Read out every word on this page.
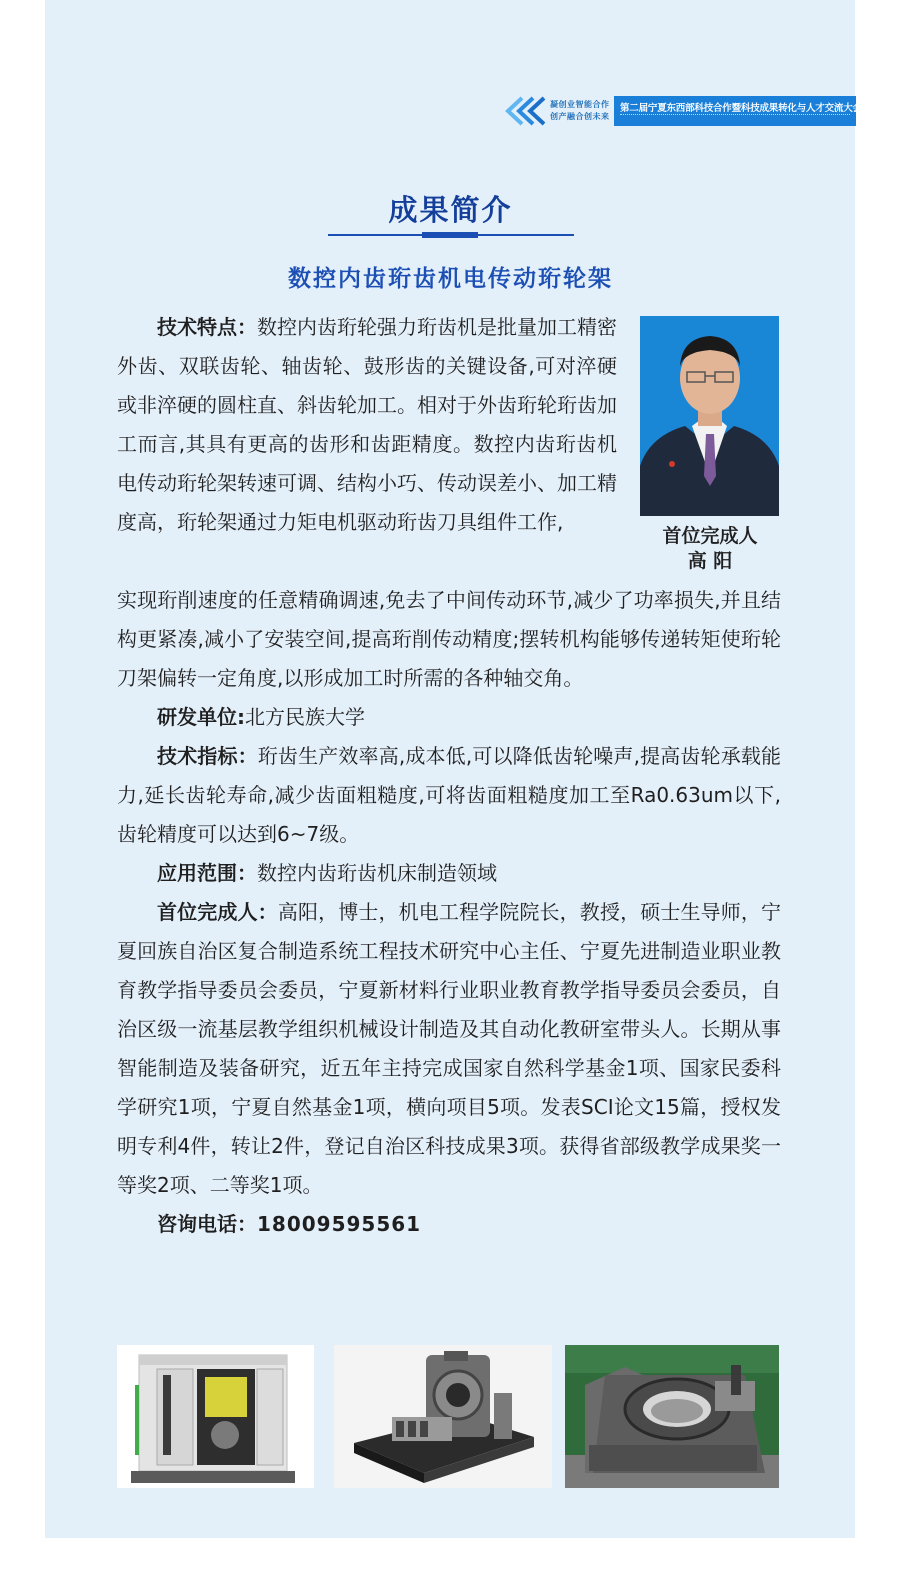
凝创业智能合作
创产融合创未来
第二届宁夏东西部科技合作暨科技成果转化与人才交流大会
成果简介
数控内齿珩齿机电传动珩轮架

技术特点：数控内齿珩轮强力珩齿机是批量加工精密外齿、双联齿轮、轴齿轮、鼓形齿的关键设备,可对淬硬或非淬硬的圆柱直、斜齿轮加工。相对于外齿珩轮珩齿加工而言,其具有更高的齿形和齿距精度。数控内齿珩齿机电传动珩轮架转速可调、结构小巧、传动误差小、加工精度高，珩轮架通过力矩电机驱动珩齿刀具组件工作,

首位完成人
高 阳

实现珩削速度的任意精确调速,免去了中间传动环节,减少了功率损失,并且结构更紧凑,减小了安装空间,提高珩削传动精度;摆转机构能够传递转矩使珩轮刀架偏转一定角度,以形成加工时所需的各种轴交角。

研发单位:北方民族大学

技术指标：珩齿生产效率高,成本低,可以降低齿轮噪声,提高齿轮承载能力,延长齿轮寿命,减少齿面粗糙度,可将齿面粗糙度加工至Ra0.63um以下,齿轮精度可以达到6~7级。

应用范围：数控内齿珩齿机床制造领域

首位完成人：高阳，博士，机电工程学院院长，教授，硕士生导师，宁夏回族自治区复合制造系统工程技术研究中心主任、宁夏先进制造业职业教育教学指导委员会委员，宁夏新材料行业职业教育教学指导委员会委员，自治区级一流基层教学组织机械设计制造及其自动化教研室带头人。长期从事智能制造及装备研究，近五年主持完成国家自然科学基金1项、国家民委科学研究1项，宁夏自然基金1项，横向项目5项。发表SCI论文15篇，授权发明专利4件，转让2件，登记自治区科技成果3项。获得省部级教学成果奖一等奖2项、二等奖1项。

咨询电话：18009595561
